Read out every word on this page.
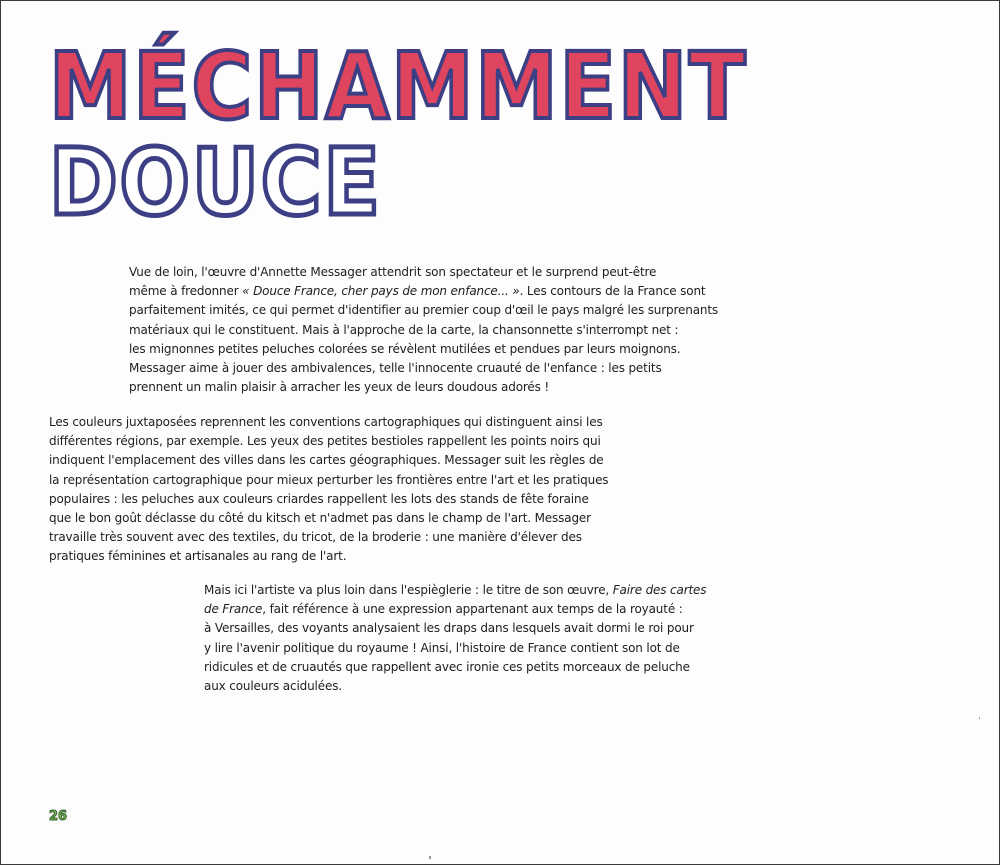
MÉCHAMMENT
DOUCE
Vue de loin, l'œuvre d'Annette Messager attendrit son spectateur et le surprend peut-être
même à fredonner « Douce France, cher pays de mon enfance... ». Les contours de la France sont
parfaitement imités, ce qui permet d'identifier au premier coup d'œil le pays malgré les surprenants
matériaux qui le constituent. Mais à l'approche de la carte, la chansonnette s'interrompt net :
les mignonnes petites peluches colorées se révèlent mutilées et pendues par leurs moignons.
Messager aime à jouer des ambivalences, telle l'innocente cruauté de l'enfance : les petits
prennent un malin plaisir à arracher les yeux de leurs doudous adorés !
Les couleurs juxtaposées reprennent les conventions cartographiques qui distinguent ainsi les
différentes régions, par exemple. Les yeux des petites bestioles rappellent les points noirs qui
indiquent l'emplacement des villes dans les cartes géographiques. Messager suit les règles de
la représentation cartographique pour mieux perturber les frontières entre l'art et les pratiques
populaires : les peluches aux couleurs criardes rappellent les lots des stands de fête foraine
que le bon goût déclasse du côté du kitsch et n'admet pas dans le champ de l'art. Messager
travaille très souvent avec des textiles, du tricot, de la broderie : une manière d'élever des
pratiques féminines et artisanales au rang de l'art.
Mais ici l'artiste va plus loin dans l'espièglerie : le titre de son œuvre, Faire des cartes
de France, fait référence à une expression appartenant aux temps de la royauté :
à Versailles, des voyants analysaient les draps dans lesquels avait dormi le roi pour
y lire l'avenir politique du royaume ! Ainsi, l'histoire de France contient son lot de
ridicules et de cruautés que rappellent avec ironie ces petits morceaux de peluche
aux couleurs acidulées.
26
